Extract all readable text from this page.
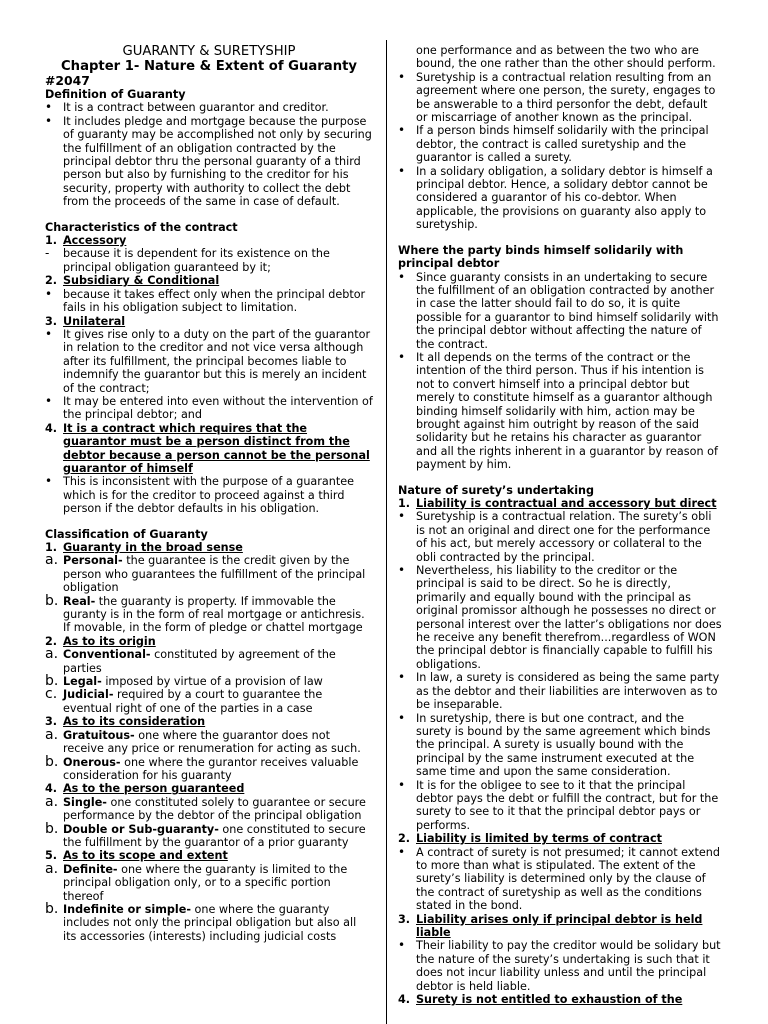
GUARANTY & SURETYSHIP
Chapter 1- Nature & Extent of Guaranty
#2047
Definition of Guaranty
• It is a contract between guarantor and creditor.
• It includes pledge and mortgage because the purpose of guaranty may be accomplished not only by securing the fulfillment of an obligation contracted by the principal debtor thru the personal guaranty of a third person but also by furnishing to the creditor for his security, property with authority to collect the debt from the proceeds of the same in case of default.
Characteristics of the contract
1. Accessory
-	because it is dependent for its existence on the principal obligation guaranteed by it;
2. Subsidiary & Conditional
• because it takes effect only when the principal debtor fails in his obligation subject to limitation.
3. Unilateral
• It gives rise only to a duty on the part of the guarantor in relation to the creditor and not vice versa although after its fulfillment, the principal becomes liable to indemnify the guarantor but this is merely an incident of the contract;
• It may be entered into even without the intervention of the principal debtor; and
4. It is a contract which requires that the guarantor must be a person distinct from the debtor because a person cannot be the personal guarantor of himself
• This is inconsistent with the purpose of a guarantee which is for the creditor to proceed against a third person if the debtor defaults in his obligation.
Classification of Guaranty
1. Guaranty in the broad sense
a. Personal- the guarantee is the credit given by the person who guarantees the fulfillment of the principal obligation
b. Real- the guaranty is property. If immovable the guranty is in the form of real mortgage or antichresis. If movable, in the form of pledge or chattel mortgage
2. As to its origin
a. Conventional- constituted by agreement of the parties
b. Legal- imposed by virtue of a provision of law
c. Judicial- required by a court to guarantee the eventual right of one of the parties in a case
3. As to its consideration
a. Gratuitous- one where the guarantor does not receive any price or renumeration for acting as such.
b. Onerous- one where the gurantor receives valuable consideration for his guaranty
4. As to the person guaranteed
a. Single- one constituted solely to guarantee or secure performance by the debtor of the principal obligation
b. Double or Sub-guaranty- one constituted to secure the fulfillment by the guarantor of a prior guaranty
5. As to its scope and extent
a. Definite- one where the guaranty is limited to the principal obligation only, or to a specific portion thereof
b. Indefinite or simple- one where the guaranty includes not only the principal obligation but also all its accessories (interests) including judicial costs
one performance and as between the two who are bound, the one rather than the other should perform.
• Suretyship is a contractual relation resulting from an agreement where one person, the surety, engages to be answerable to a third personfor the debt, default or miscarriage of another known as the principal.
• If a person binds himself solidarily with the principal debtor, the contract is called suretyship and the guarantor is called a surety.
• In a solidary obligation, a solidary debtor is himself a principal debtor. Hence, a solidary debtor cannot be considered a guarantor of his co-debtor. When applicable, the provisions on guaranty also apply to suretyship.
Where the party binds himself solidarily with principal debtor
• Since guaranty consists in an undertaking to secure the fulfillment of an obligation contracted by another in case the latter should fail to do so, it is quite possible for a guarantor to bind himself solidarily with the principal debtor without affecting the nature of the contract.
• It all depends on the terms of the contract or the intention of the third person. Thus if his intention is not to convert himself into a principal debtor but merely to constitute himself as a guarantor although binding himself solidarily with him, action may be brought against him outright by reason of the said solidarity but he retains his character as guarantor and all the rights inherent in a guarantor by reason of payment by him.
Nature of surety’s undertaking
1. Liability is contractual and accessory but direct
• Suretyship is a contractual relation. The surety’s obli is not an original and direct one for the performance of his act, but merely accessory or collateral to the obli contracted by the principal.
• Nevertheless, his liability to the creditor or the principal is said to be direct. So he is directly, primarily and equally bound with the principal as original promissor although he possesses no direct or personal interest over the latter’s obligations nor does he receive any benefit therefrom...regardless of WON the principal debtor is financially capable to fulfill his obligations.
• In law, a surety is considered as being the same party as the debtor and their liabilities are interwoven as to be inseparable.
• In suretyship, there is but one contract, and the surety is bound by the same agreement which binds the principal. A surety is usually bound with the principal by the same instrument executed at the same time and upon the same consideration.
• It is for the obligee to see to it that the principal debtor pays the debt or fulfill the contract, but for the surety to see to it that the principal debtor pays or performs.
2. Liability is limited by terms of contract
• A contract of surety is not presumed; it cannot extend to more than what is stipulated. The extent of the surety’s liability is determined only by the clause of the contract of suretyship as well as the conditions stated in the bond.
3. Liability arises only if principal debtor is held liable
• Their liability to pay the creditor would be solidary but the nature of the surety’s undertaking is such that it does not incur liability unless and until the principal debtor is held liable.
4. Surety is not entitled to exhaustion of the
